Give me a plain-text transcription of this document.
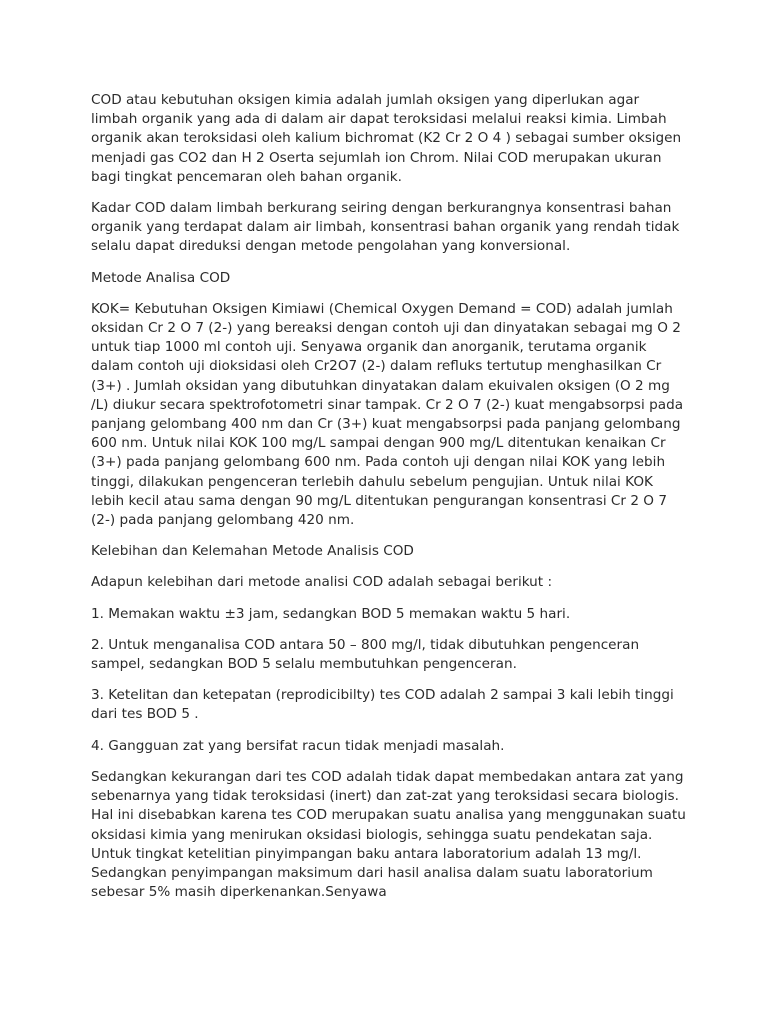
COD atau kebutuhan oksigen kimia adalah jumlah oksigen yang diperlukan agar limbah organik yang ada di dalam air dapat teroksidasi melalui reaksi kimia. Limbah organik akan teroksidasi oleh kalium bichromat (K2 Cr 2 O 4 ) sebagai sumber oksigen menjadi gas CO2 dan H 2 Oserta sejumlah ion Chrom. Nilai COD merupakan ukuran bagi tingkat pencemaran oleh bahan organik.

Kadar COD dalam limbah berkurang seiring dengan berkurangnya konsentrasi bahan organik yang terdapat dalam air limbah, konsentrasi bahan organik yang rendah tidak selalu dapat direduksi dengan metode pengolahan yang konversional.

Metode Analisa COD

KOK= Kebutuhan Oksigen Kimiawi (Chemical Oxygen Demand = COD) adalah jumlah oksidan Cr 2 O 7 (2-) yang bereaksi dengan contoh uji dan dinyatakan sebagai mg O 2 untuk tiap 1000 ml contoh uji. Senyawa organik dan anorganik, terutama organik dalam contoh uji dioksidasi oleh Cr2O7 (2-) dalam refluks tertutup menghasilkan Cr (3+) . Jumlah oksidan yang dibutuhkan dinyatakan dalam ekuivalen oksigen (O 2 mg /L) diukur secara spektrofotometri sinar tampak. Cr 2 O 7 (2-) kuat mengabsorpsi pada panjang gelombang 400 nm dan Cr (3+) kuat mengabsorpsi pada panjang gelombang 600 nm. Untuk nilai KOK 100 mg/L sampai dengan 900 mg/L ditentukan kenaikan Cr (3+) pada panjang gelombang 600 nm. Pada contoh uji dengan nilai KOK yang lebih tinggi, dilakukan pengenceran terlebih dahulu sebelum pengujian. Untuk nilai KOK lebih kecil atau sama dengan 90 mg/L ditentukan pengurangan konsentrasi Cr 2 O 7 (2-) pada panjang gelombang 420 nm.

Kelebihan dan Kelemahan Metode Analisis COD

Adapun kelebihan dari metode analisi COD adalah sebagai berikut :

1. Memakan waktu ±3 jam, sedangkan BOD 5 memakan waktu 5 hari.

2. Untuk menganalisa COD antara 50 – 800 mg/l, tidak dibutuhkan pengenceran sampel, sedangkan BOD 5 selalu membutuhkan pengenceran.

3. Ketelitan dan ketepatan (reprodicibilty) tes COD adalah 2 sampai 3 kali lebih tinggi dari tes BOD 5 .

4. Gangguan zat yang bersifat racun tidak menjadi masalah.

Sedangkan kekurangan dari tes COD adalah tidak dapat membedakan antara zat yang sebenarnya yang tidak teroksidasi (inert) dan zat-zat yang teroksidasi secara biologis. Hal ini disebabkan karena tes COD merupakan suatu analisa yang menggunakan suatu oksidasi kimia yang menirukan oksidasi biologis, sehingga suatu pendekatan saja. Untuk tingkat ketelitian pinyimpangan baku antara laboratorium adalah 13 mg/l. Sedangkan penyimpangan maksimum dari hasil analisa dalam suatu laboratorium sebesar 5% masih diperkenankan.Senyawa
